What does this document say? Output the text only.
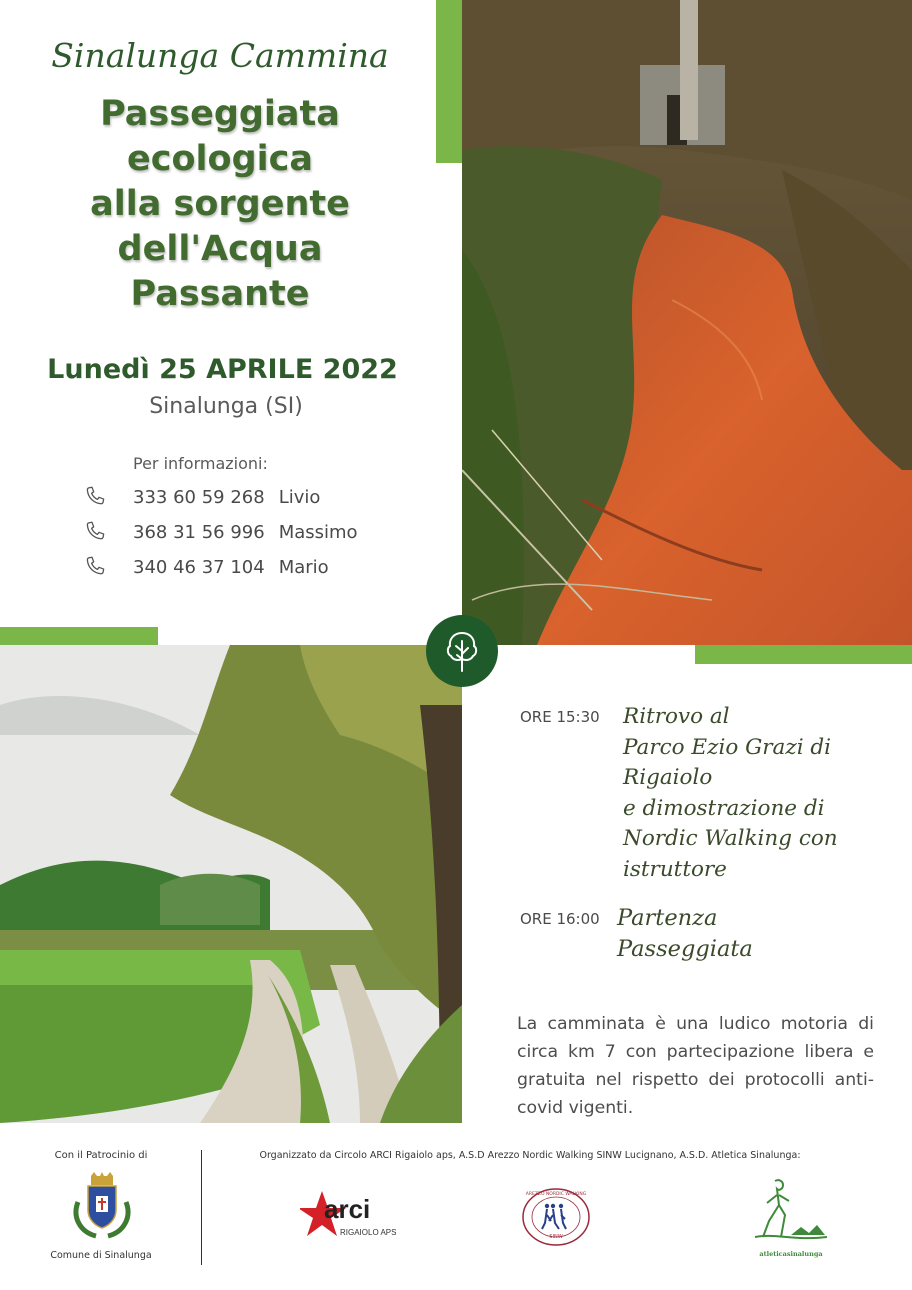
Sinalunga Cammina
Passeggiata
ecologica
alla sorgente
dell'Acqua
Passante
Lunedì 25 APRILE 2022
Sinalunga (SI)
Per informazioni:
333 60 59 268 Livio
368 31 56 996 Massimo
340 46 37 104 Mario
ORE 15:30 Ritrovo al
Parco Ezio Grazi di
Rigaiolo
e dimostrazione di
Nordic Walking con
istruttore
ORE 16:00 Partenza
Passeggiata
La camminata è una ludico motoria di circa km 7 con partecipazione libera e gratuita nel rispetto dei protocolli anti-covid vigenti.
Con il Patrocinio di
Comune di Sinalunga
Organizzato da Circolo ARCI Rigaiolo aps, A.S.D Arezzo Nordic Walking SINW Lucignano, A.S.D. Atletica Sinalunga:
arci
RIGAIOLO APS
AREZZO NORDIC WALKING
SINW
atleticasinalunga
